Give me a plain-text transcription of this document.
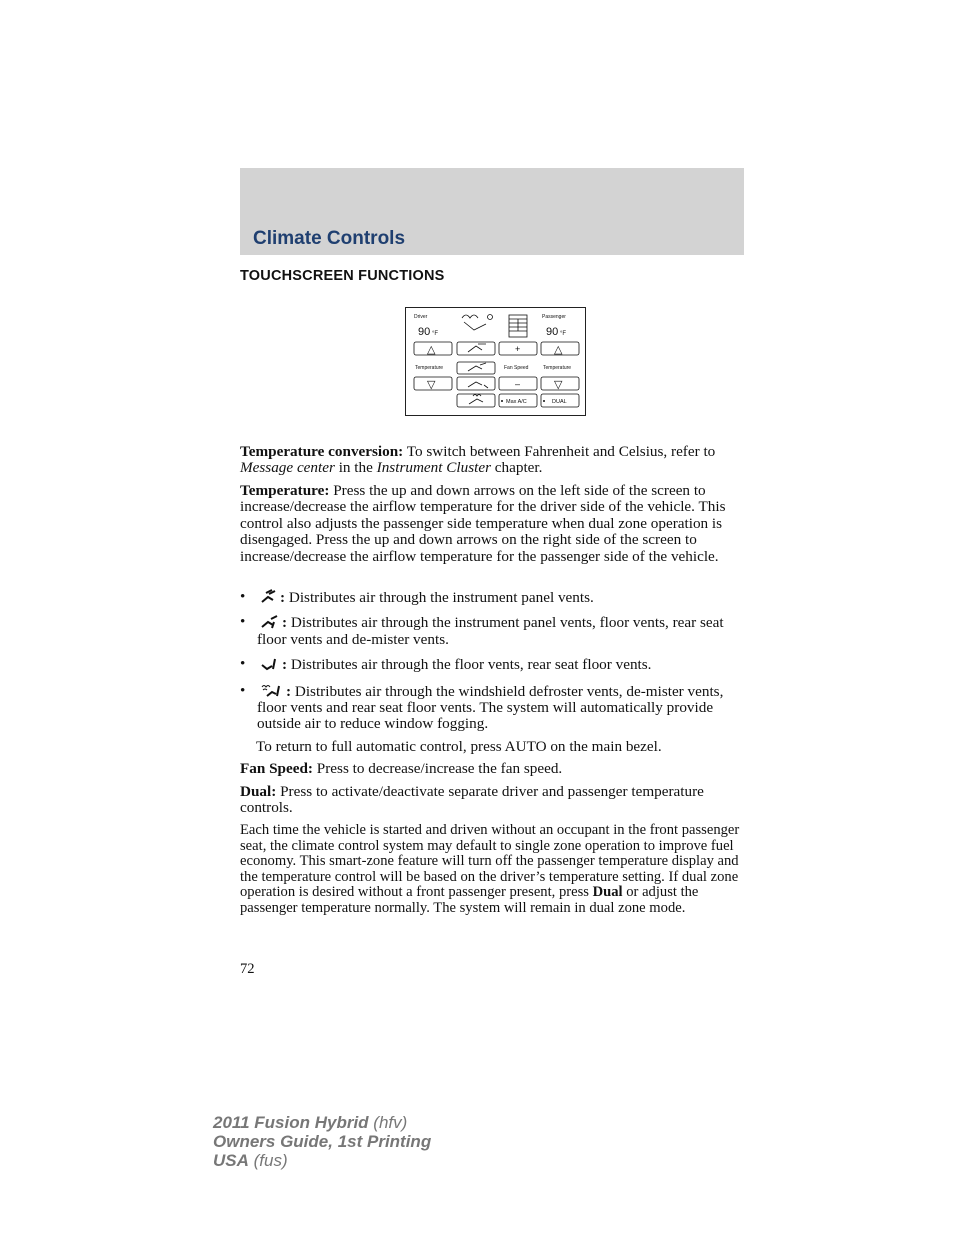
Climate Controls
TOUCHSCREEN FUNCTIONS
Driver	Passenger
90 °F	90 °F
△	+	△
Temperature	Fan Speed	Temperature
▽	–	▽
Max A/C	DUAL

Temperature conversion: To switch between Fahrenheit and Celsius, refer to Message center in the Instrument Cluster chapter.

Temperature: Press the up and down arrows on the left side of the screen to increase/decrease the airflow temperature for the driver side of the vehicle. This control also adjusts the passenger side temperature when dual zone operation is disengaged. Press the up and down arrows on the right side of the screen to increase/decrease the airflow temperature for the passenger side of the vehicle.

• : Distributes air through the instrument panel vents.
• : Distributes air through the instrument panel vents, floor vents, rear seat floor vents and de-mister vents.
• : Distributes air through the floor vents, rear seat floor vents.
•	: Distributes air through the windshield defroster vents, de-mister vents, floor vents and rear seat floor vents. The system will automatically provide outside air to reduce window fogging.

To return to full automatic control, press AUTO on the main bezel.

Fan Speed: Press to decrease/increase the fan speed.

Dual: Press to activate/deactivate separate driver and passenger temperature controls.

Each time the vehicle is started and driven without an occupant in the front passenger seat, the climate control system may default to single zone operation to improve fuel economy. This smart-zone feature will turn off the passenger temperature display and the temperature control will be based on the driver’s temperature setting. If dual zone operation is desired without a front passenger present, press Dual or adjust the passenger temperature normally. The system will remain in dual zone mode.

72
2011 Fusion Hybrid (hfv)
Owners Guide, 1st Printing
USA (fus)
